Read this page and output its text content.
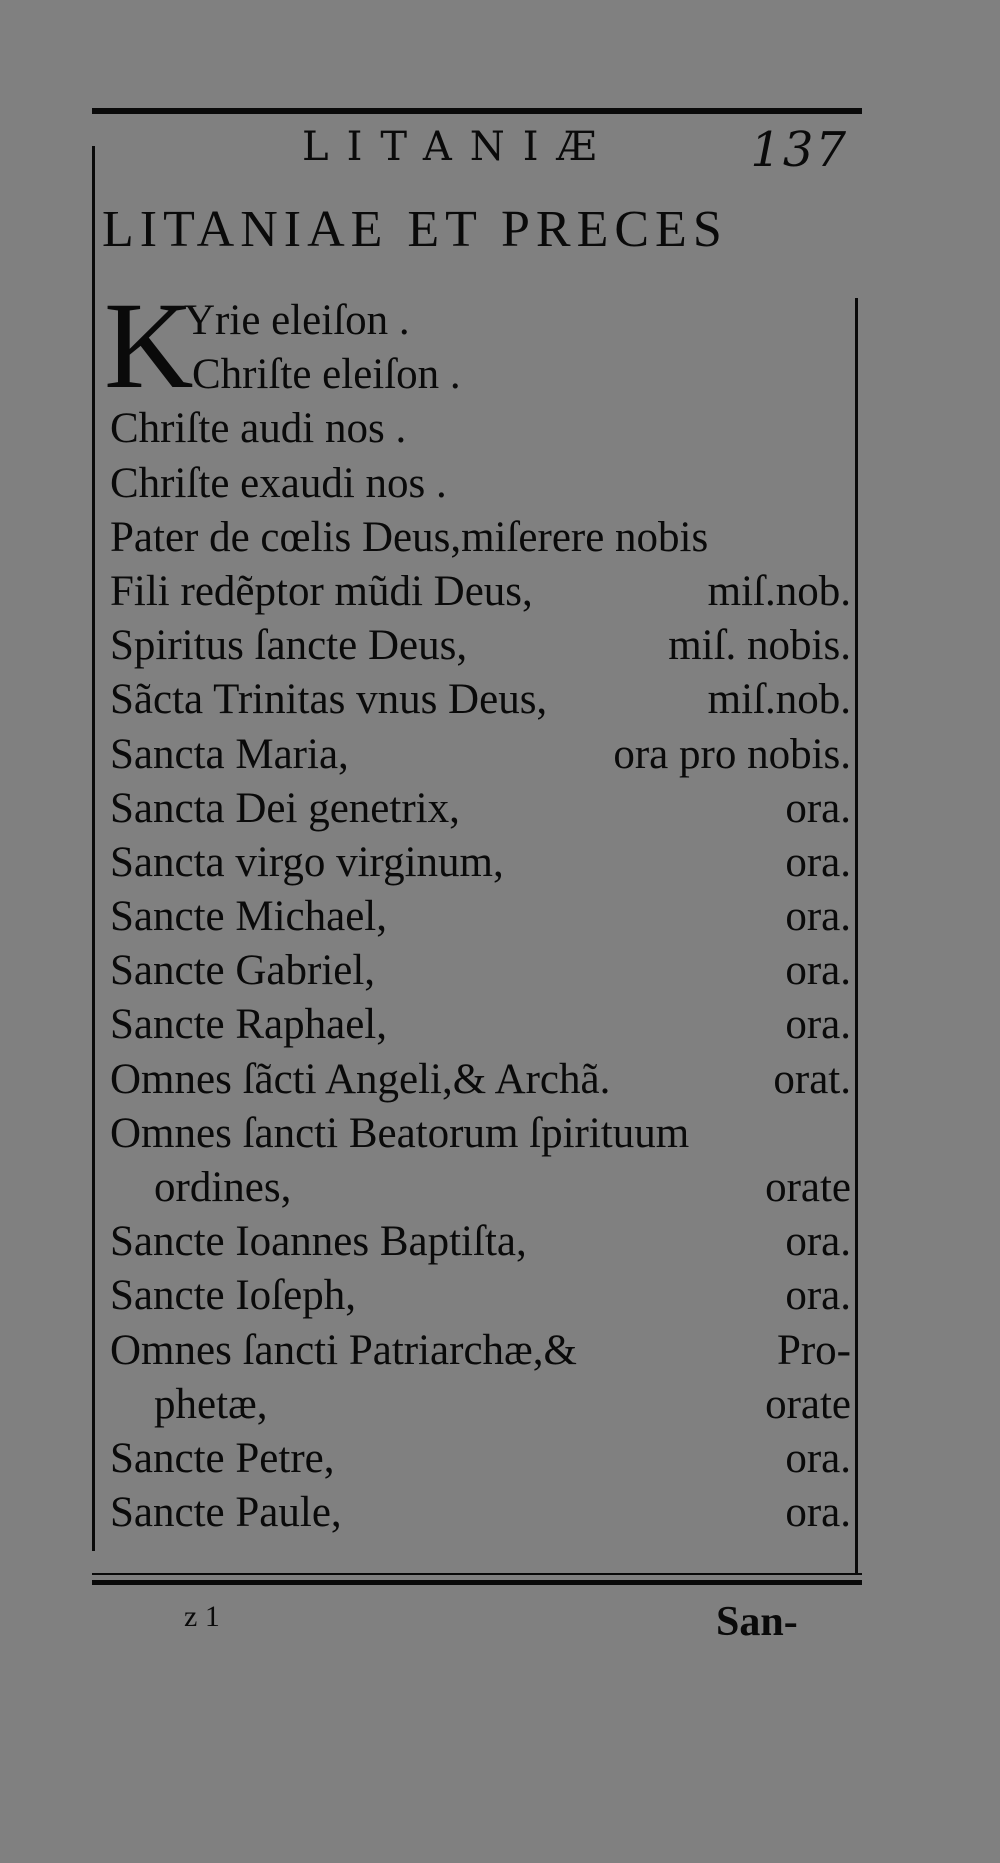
LITANIÆ	137
LITANIAE ET PRECES
K
Yrie eleiſon .
Chriſte eleiſon .
Chriſte audi nos .
Chriſte exaudi nos .
Pater de cœlis Deus,miſerere nobis
Fili redẽptor mũdi Deus,	miſ.nob.
Spiritus ſancte Deus,	miſ. nobis.
Sãcta Trinitas vnus Deus,	miſ.nob.
Sancta Maria,	ora pro nobis.
Sancta Dei genetrix,	ora.
Sancta virgo virginum,	ora.
Sancte Michael,	ora.
Sancte Gabriel,	ora.
Sancte Raphael,	ora.
Omnes ſãcti Angeli,& Archã.	orat.
Omnes ſancti Beatorum ſpirituum
ordines,	orate
Sancte Ioannes Baptiſta,	ora.
Sancte Ioſeph,	ora.
Omnes ſancti Patriarchæ,&	Pro-
phetæ,	orate
Sancte Petre,	ora.
Sancte Paule,	ora.
z 1	San-
